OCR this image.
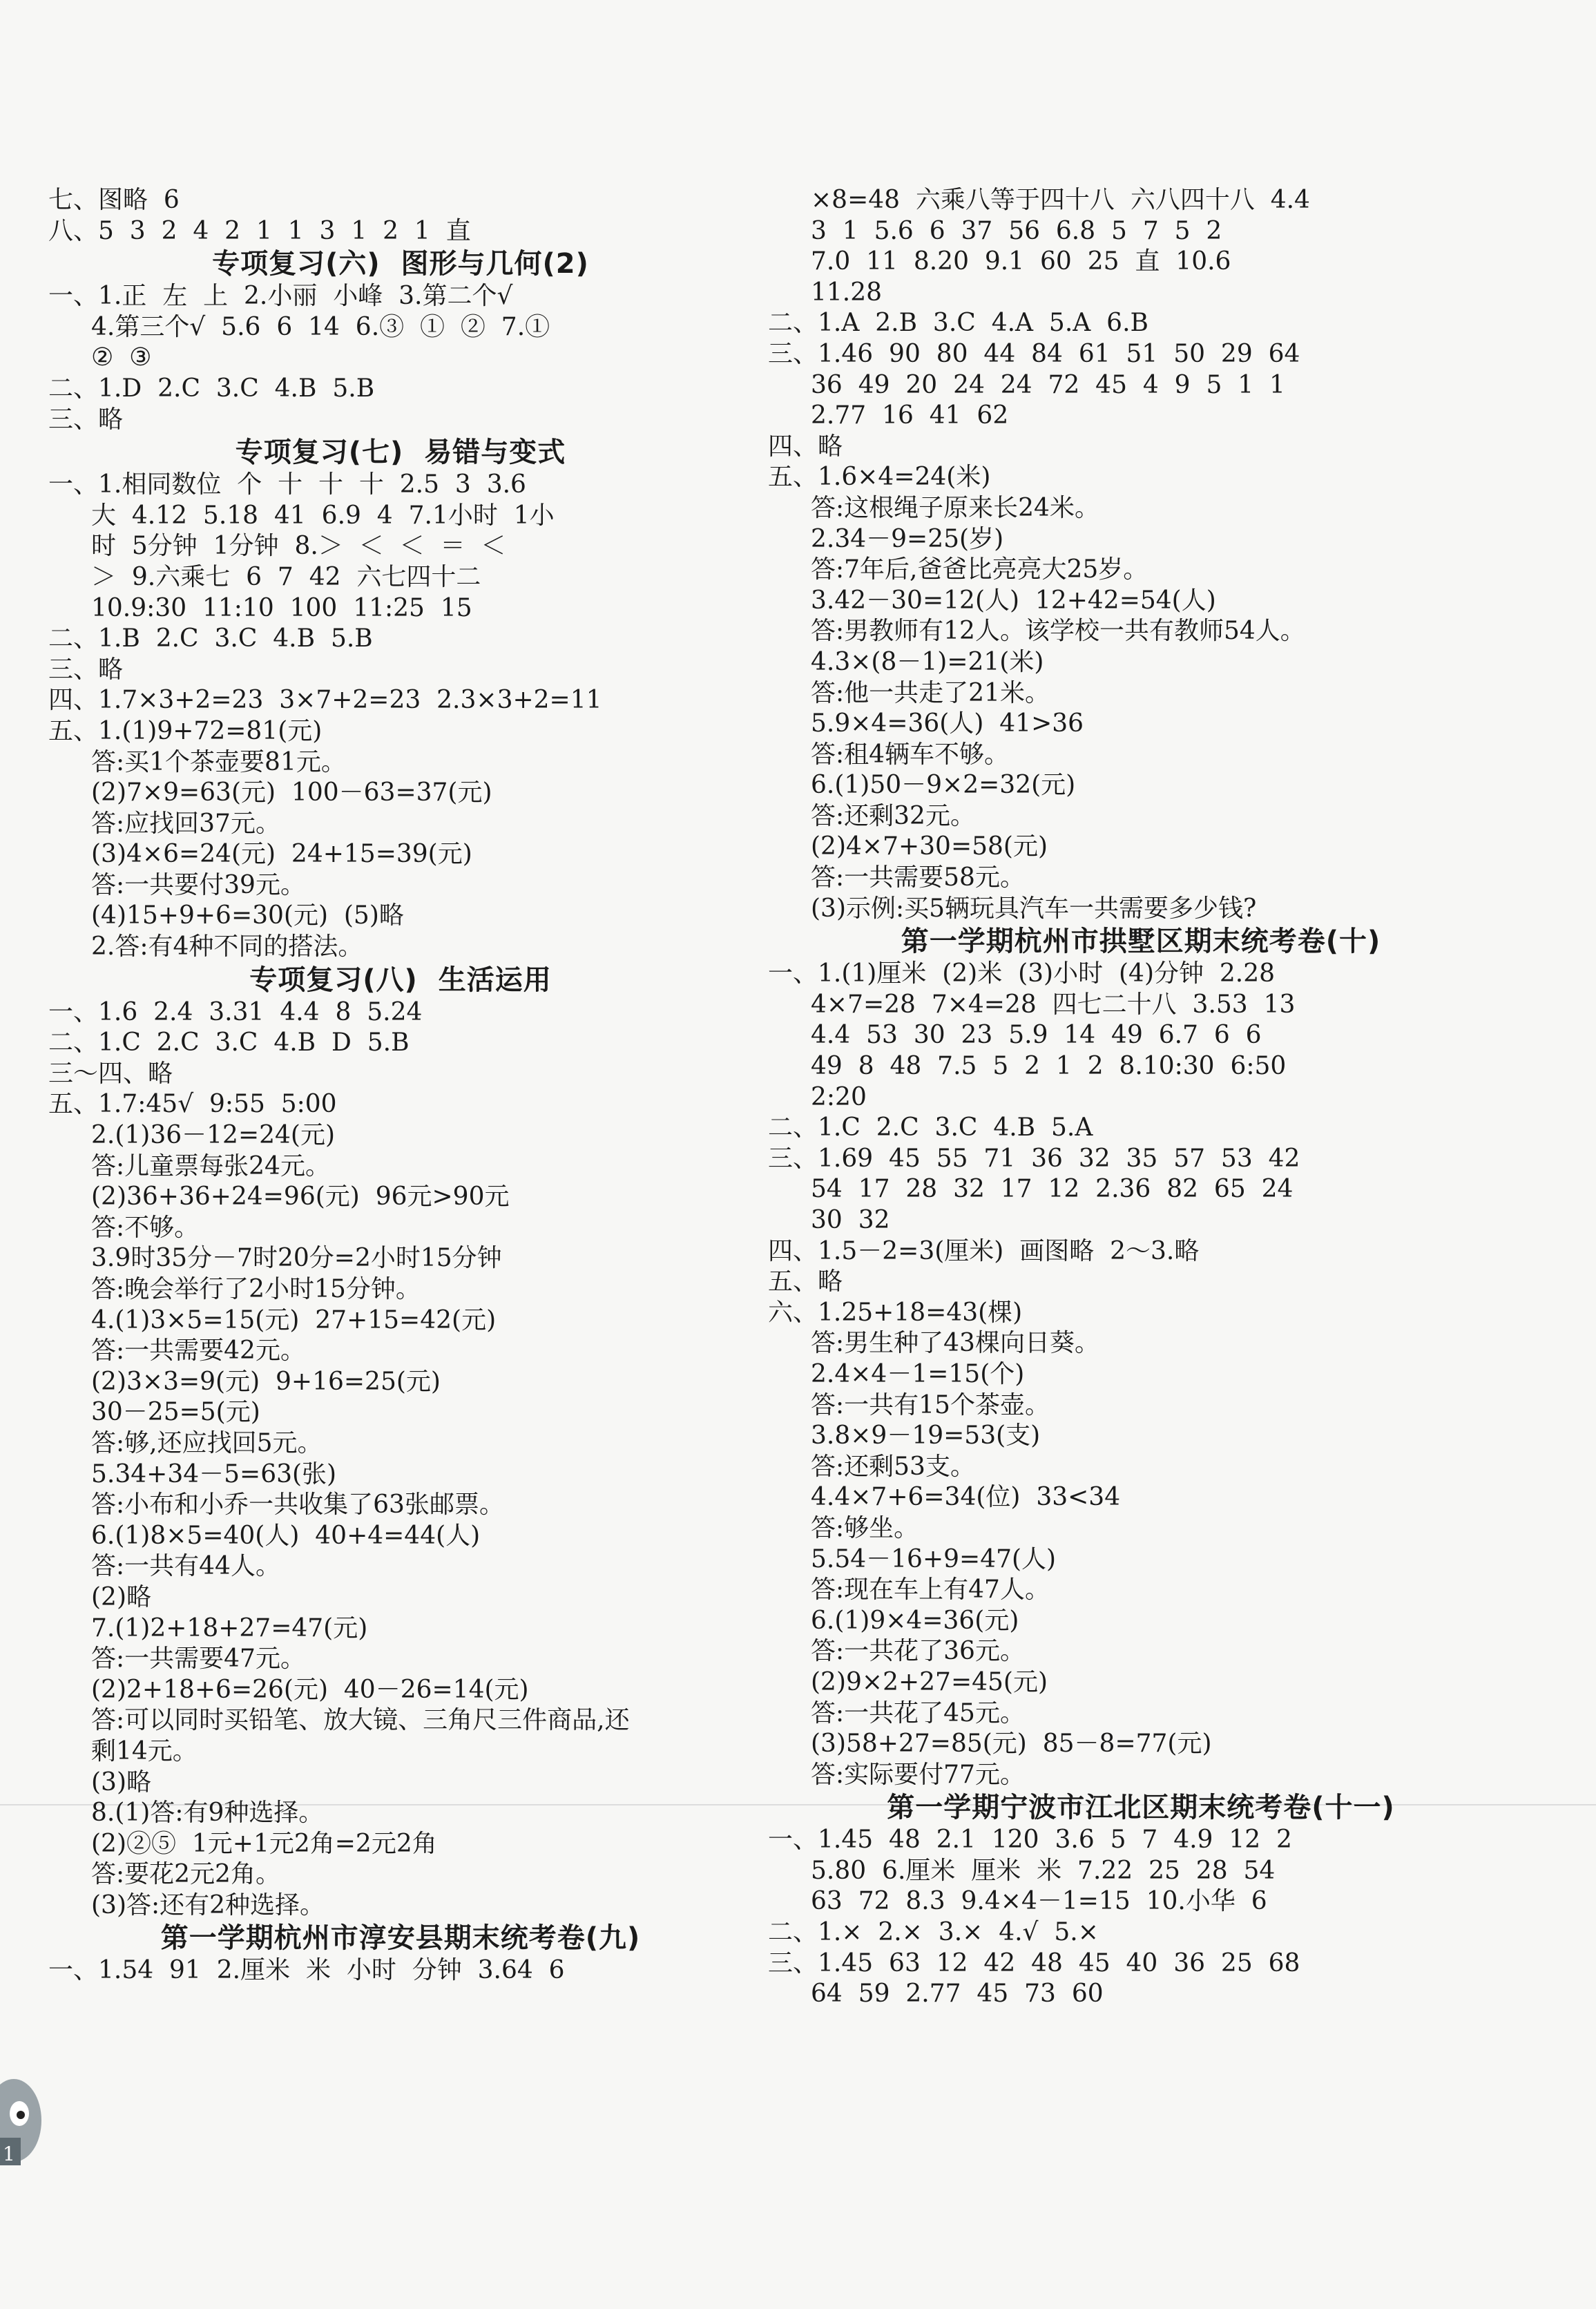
七、图略  6
八、5  3  2  4  2  1  1  3  1  2  1  直
专项复习(六)  图形与几何(2)
一、1.正  左  上  2.小丽  小峰  3.第二个√
4.第三个√  5.6  6  14  6.③  ①  ②  7.①
②  ③
二、1.D  2.C  3.C  4.B  5.B
三、略
专项复习(七)  易错与变式
一、1.相同数位  个  十  十  十  2.5  3  3.6
大  4.12  5.18  41  6.9  4  7.1小时  1小
时  5分钟  1分钟  8.＞  ＜  ＜  ＝  ＜
＞  9.六乘七  6  7  42  六七四十二
10.9:30  11:10  100  11:25  15
二、1.B  2.C  3.C  4.B  5.B
三、略
四、1.7×3+2=23  3×7+2=23  2.3×3+2=11
五、1.(1)9+72=81(元)
答:买1个茶壶要81元。
(2)7×9=63(元)  100－63=37(元)
答:应找回37元。
(3)4×6=24(元)  24+15=39(元)
答:一共要付39元。
(4)15+9+6=30(元)  (5)略
2.答:有4种不同的搭法。
专项复习(八)  生活运用
一、1.6  2.4  3.31  4.4  8  5.24
二、1.C  2.C  3.C  4.B  D  5.B
三～四、略
五、1.7:45√  9:55  5:00
2.(1)36－12=24(元)
答:儿童票每张24元。
(2)36+36+24=96(元)  96元>90元
答:不够。
3.9时35分－7时20分=2小时15分钟
答:晚会举行了2小时15分钟。
4.(1)3×5=15(元)  27+15=42(元)
答:一共需要42元。
(2)3×3=9(元)  9+16=25(元)
30－25=5(元)
答:够,还应找回5元。
5.34+34－5=63(张)
答:小布和小乔一共收集了63张邮票。
6.(1)8×5=40(人)  40+4=44(人)
答:一共有44人。
(2)略
7.(1)2+18+27=47(元)
答:一共需要47元。
(2)2+18+6=26(元)  40－26=14(元)
答:可以同时买铅笔、放大镜、三角尺三件商品,还
剩14元。
(3)略
8.(1)答:有9种选择。
(2)②⑤  1元+1元2角=2元2角
答:要花2元2角。
(3)答:还有2种选择。
第一学期杭州市淳安县期末统考卷(九)
一、1.54  91  2.厘米  米  小时  分钟  3.64  6
×8=48  六乘八等于四十八  六八四十八  4.4
3  1  5.6  6  37  56  6.8  5  7  5  2
7.0  11  8.20  9.1  60  25  直  10.6
11.28
二、1.A  2.B  3.C  4.A  5.A  6.B
三、1.46  90  80  44  84  61  51  50  29  64
36  49  20  24  24  72  45  4  9  5  1  1
2.77  16  41  62
四、略
五、1.6×4=24(米)
答:这根绳子原来长24米。
2.34－9=25(岁)
答:7年后,爸爸比亮亮大25岁。
3.42－30=12(人)  12+42=54(人)
答:男教师有12人。该学校一共有教师54人。
4.3×(8－1)=21(米)
答:他一共走了21米。
5.9×4=36(人)  41>36
答:租4辆车不够。
6.(1)50－9×2=32(元)
答:还剩32元。
(2)4×7+30=58(元)
答:一共需要58元。
(3)示例:买5辆玩具汽车一共需要多少钱?
第一学期杭州市拱墅区期末统考卷(十)
一、1.(1)厘米  (2)米  (3)小时  (4)分钟  2.28
4×7=28  7×4=28  四七二十八  3.53  13
4.4  53  30  23  5.9  14  49  6.7  6  6
49  8  48  7.5  5  2  1  2  8.10:30  6:50
2:20
二、1.C  2.C  3.C  4.B  5.A
三、1.69  45  55  71  36  32  35  57  53  42
54  17  28  32  17  12  2.36  82  65  24
30  32
四、1.5－2=3(厘米)  画图略  2～3.略
五、略
六、1.25+18=43(棵)
答:男生种了43棵向日葵。
2.4×4－1=15(个)
答:一共有15个茶壶。
3.8×9－19=53(支)
答:还剩53支。
4.4×7+6=34(位)  33<34
答:够坐。
5.54－16+9=47(人)
答:现在车上有47人。
6.(1)9×4=36(元)
答:一共花了36元。
(2)9×2+27=45(元)
答:一共花了45元。
(3)58+27=85(元)  85－8=77(元)
答:实际要付77元。
第一学期宁波市江北区期末统考卷(十一)
一、1.45  48  2.1  120  3.6  5  7  4.9  12  2
5.80  6.厘米  厘米  米  7.22  25  28  54
63  72  8.3  9.4×4－1=15  10.小华  6
二、1.×  2.×  3.×  4.√  5.×
三、1.45  63  12  42  48  45  40  36  25  68
64  59  2.77  45  73  60
1
